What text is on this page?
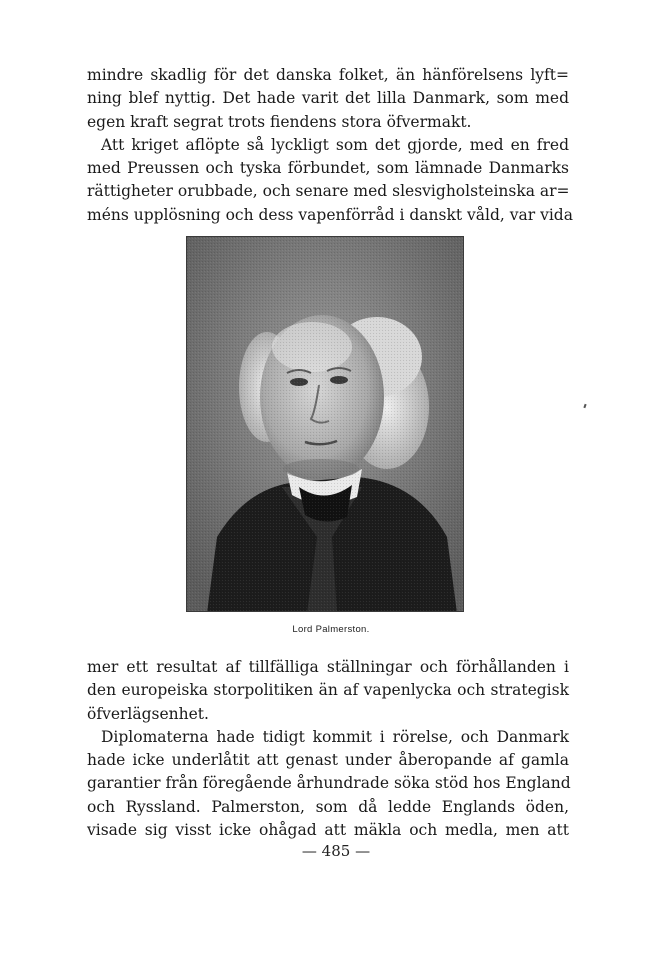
mindre skadlig för det danska folket, än hänförelsens lyft=
ning blef nyttig. Det hade varit det lilla Danmark, som med
egen kraft segrat trots fiendens stora öfvermakt.
Att kriget aflöpte så lyckligt som det gjorde, med en fred
med Preussen och tyska förbundet, som lämnade Danmarks
rättigheter orubbade, och senare med slesvigholsteinska ar=
méns upplösning och dess vapenförråd i danskt våld, var vida
Lord Palmerston.
mer ett resultat af tillfälliga ställningar och förhållanden i
den europeiska storpolitiken än af vapenlycka och strategisk
öfverlägsenhet.
Diplomaterna hade tidigt kommit i rörelse, och Danmark
hade icke underlåtit att genast under åberopande af gamla
garantier från föregående århundrade söka stöd hos England
och Ryssland. Palmerston, som då ledde Englands öden,
visade sig visst icke ohågad att mäkla och medla, men att
— 485 —
